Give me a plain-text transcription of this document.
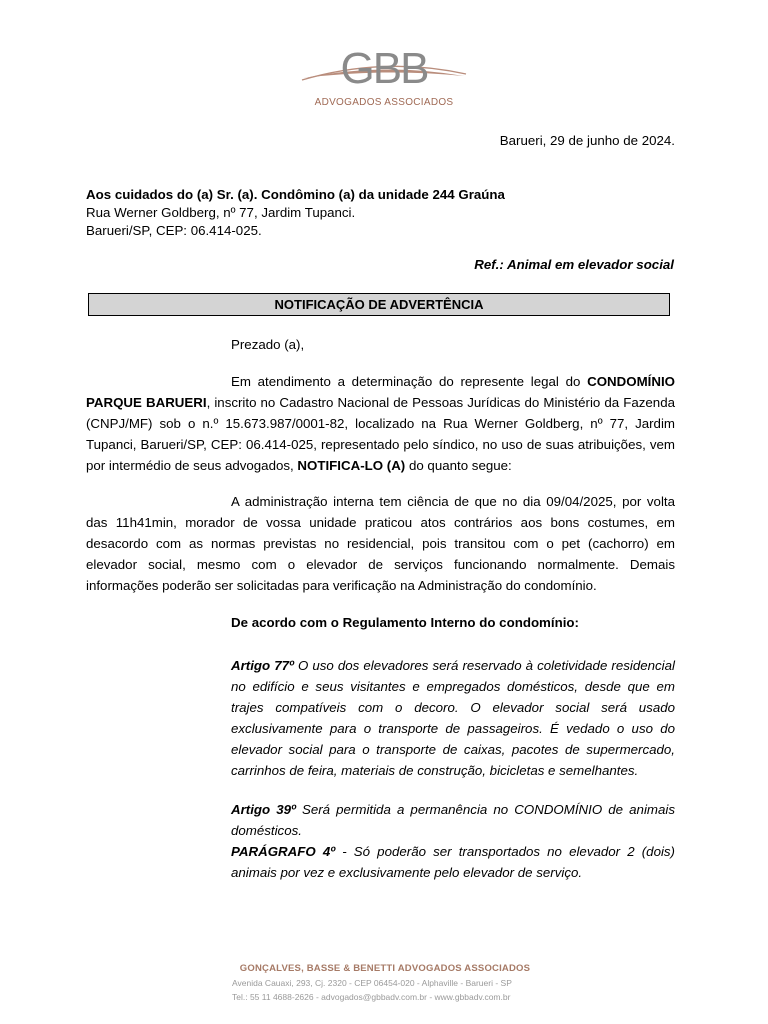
GBB
ADVOGADOS ASSOCIADOS
Barueri, 29 de junho de 2024.
Aos cuidados do (a) Sr. (a). Condômino (a) da unidade 244 Graúna
Rua Werner Goldberg, nº 77, Jardim Tupanci.
Barueri/SP, CEP: 06.414-025.
Ref.: Animal em elevador social
NOTIFICAÇÃO DE ADVERTÊNCIA
Prezado (a),
Em atendimento a determinação do represente legal do CONDOMÍNIO PARQUE BARUERI, inscrito no Cadastro Nacional de Pessoas Jurídicas do Ministério da Fazenda (CNPJ/MF) sob o n.º 15.673.987/0001-82, localizado na Rua Werner Goldberg, nº 77, Jardim Tupanci, Barueri/SP, CEP: 06.414-025, representado pelo síndico, no uso de suas atribuições, vem por intermédio de seus advogados, NOTIFICA-LO (A) do quanto segue:
A administração interna tem ciência de que no dia 09/04/2025, por volta das 11h41min, morador de vossa unidade praticou atos contrários aos bons costumes, em desacordo com as normas previstas no residencial, pois transitou com o pet (cachorro) em elevador social, mesmo com o elevador de serviços funcionando normalmente. Demais informações poderão ser solicitadas para verificação na Administração do condomínio.
De acordo com o Regulamento Interno do condomínio:
Artigo 77º O uso dos elevadores será reservado à coletividade residencial no edifício e seus visitantes e empregados domésticos, desde que em trajes compatíveis com o decoro. O elevador social será usado exclusivamente para o transporte de passageiros. É vedado o uso do elevador social para o transporte de caixas, pacotes de supermercado, carrinhos de feira, materiais de construção, bicicletas e semelhantes.
Artigo 39º Será permitida a permanência no CONDOMÍNIO de animais domésticos.
PARÁGRAFO 4º - Só poderão ser transportados no elevador 2 (dois) animais por vez e exclusivamente pelo elevador de serviço.
GONÇALVES, BASSE & BENETTI ADVOGADOS ASSOCIADOS
Avenida Cauaxi, 293, Cj. 2320 - CEP 06454-020 - Alphaville - Barueri - SP
Tel.: 55 11 4688-2626 - advogados@gbbadv.com.br - www.gbbadv.com.br
